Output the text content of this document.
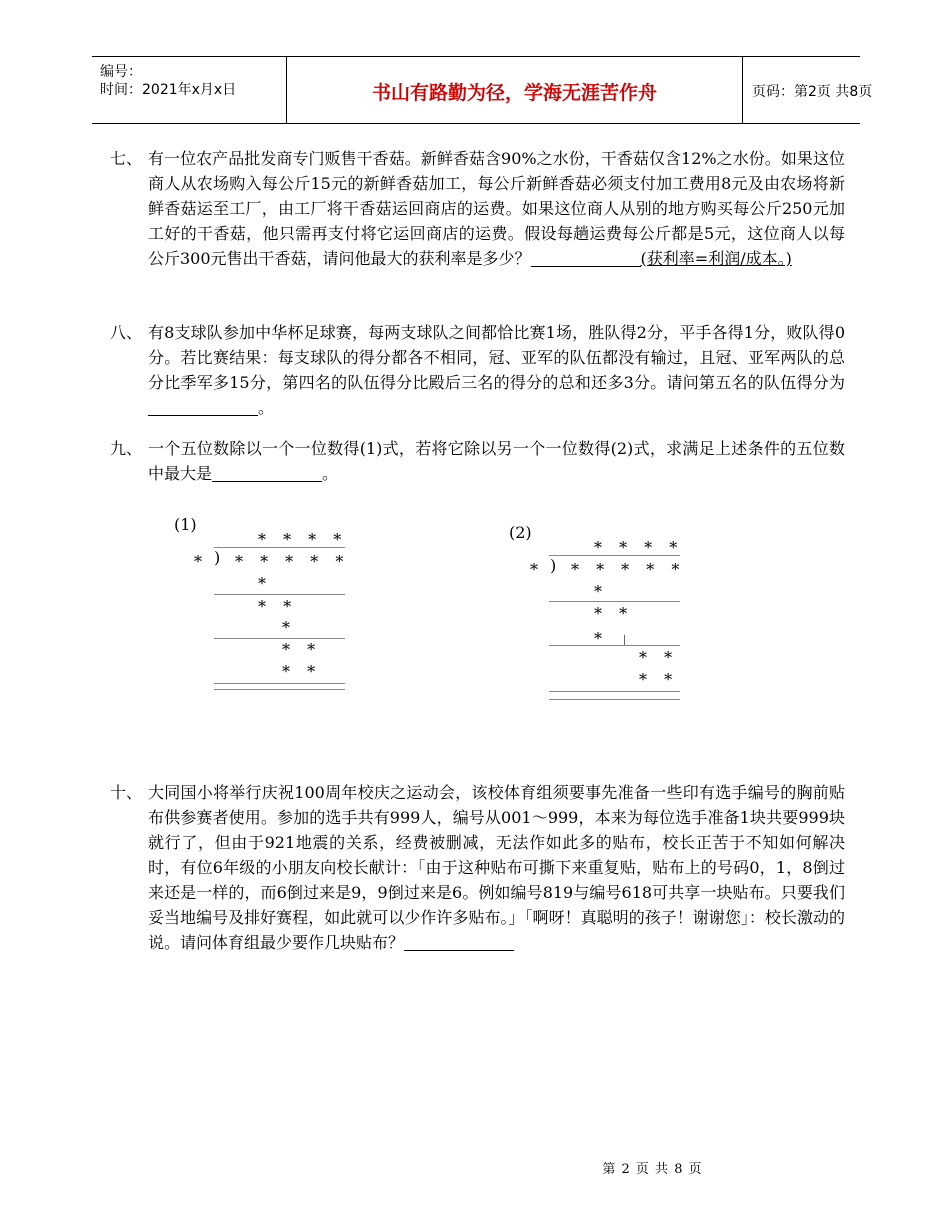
编号：
时间：2021年x月x日	书山有路勤为径，学海无涯苦作舟	页码：第2页 共8页
七、 有一位农产品批发商专门贩售干香菇。新鲜香菇含90%之水份，干香菇仅含12%之水份。如果这位商人从农场购入每公斤15元的新鲜香菇加工，每公斤新鲜香菇必须支付加工费用8元及由农场将新鲜香菇运至工厂，由工厂将干香菇运回商店的运费。如果这位商人从别的地方购买每公斤250元加工好的干香菇，他只需再支付将它运回商店的运费。假设每趟运费每公斤都是5元，这位商人以每公斤300元售出干香菇，请问他最大的获利率是多少？	(获利率=利润/成本。)
八、 有8支球队参加中华杯足球赛，每两支球队之间都恰比赛1场，胜队得2分，平手各得1分，败队得0分。若比赛结果：每支球队的得分都各不相同，冠、亚军的队伍都没有输过，且冠、亚军两队的总分比季军多15分，第四名的队伍得分比殿后三名的得分的总和还多3分。请问第五名的队伍得分为。
九、 一个五位数除以一个一位数得(1)式，若将它除以另一个一位数得(2)式，求满足上述条件的五位数中最大是	。
(1)
* )
* * * *
* * * * *
*
* *
*
* *
* *
(2)
* )
* * * *
* * * * *
*
* *
* 」
* *
* *
十、 大同国小将举行庆祝100周年校庆之运动会，该校体育组须要事先准备一些印有选手编号的胸前贴布供参赛者使用。参加的选手共有999人，编号从001～999，本来为每位选手准备1块共要999块就行了，但由于921地震的关系，经费被删减，无法作如此多的贴布，校长正苦于不知如何解决时，有位6年级的小朋友向校长献计：「由于这种贴布可撕下来重复贴，贴布上的号码0，1，8倒过来还是一样的，而6倒过来是9，9倒过来是6。例如编号819与编号618可共享一块贴布。只要我们妥当地编号及排好赛程，如此就可以少作许多贴布。」「啊呀！真聪明的孩子！谢谢您」：校长激动的说。请问体育组最少要作几块贴布？
第 2 页 共 8 页
